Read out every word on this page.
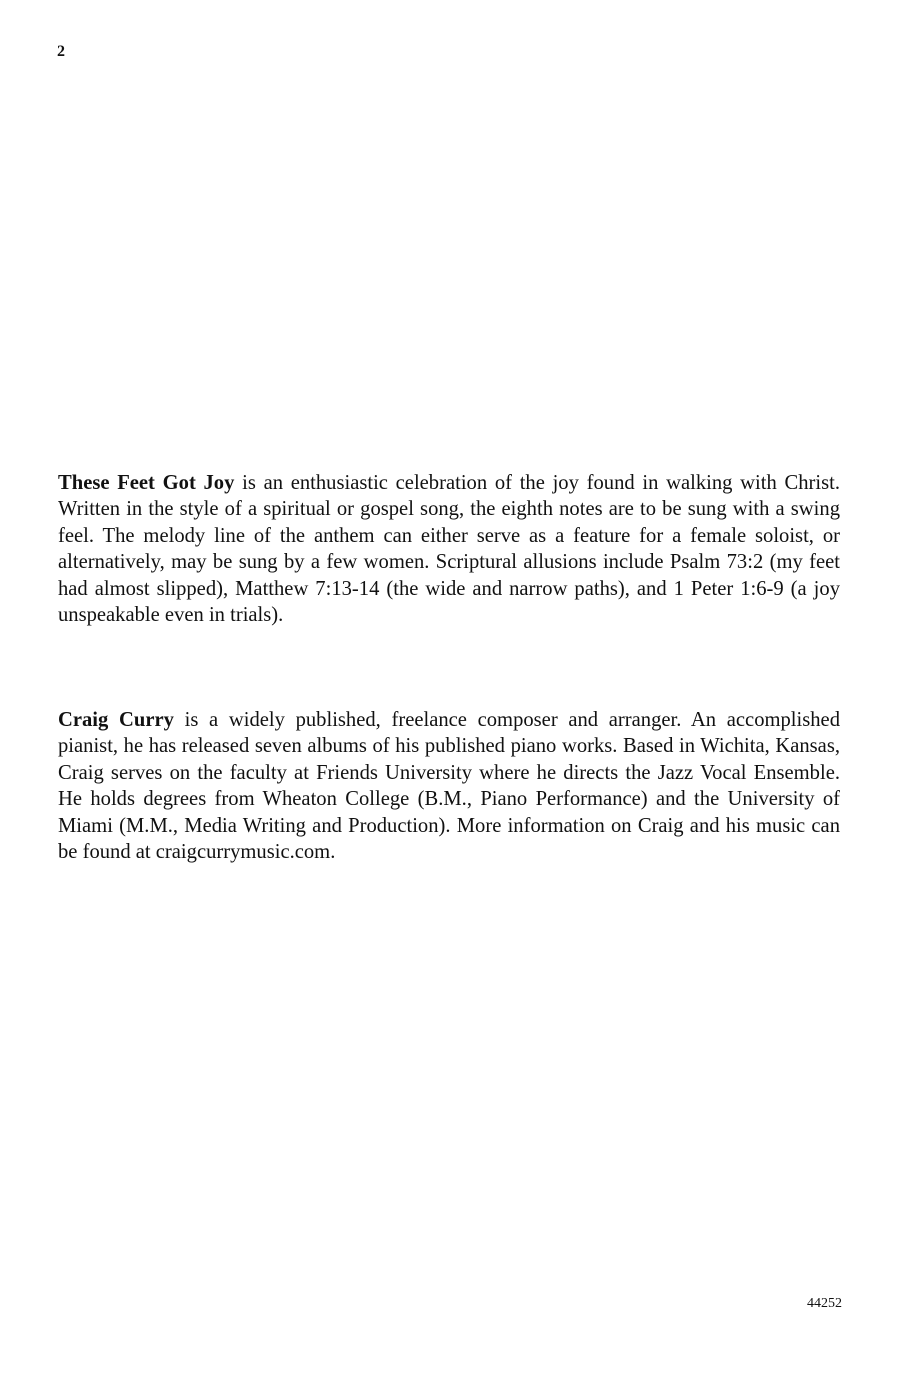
2

These Feet Got Joy is an enthusiastic celebration of the joy found in walking with Christ. Written in the style of a spiritual or gospel song, the eighth notes are to be sung with a swing feel. The melody line of the anthem can either serve as a feature for a female soloist, or alternatively, may be sung by a few women. Scriptural allusions include Psalm 73:2 (my feet had almost slipped), Matthew 7:13-14 (the wide and narrow paths), and 1 Peter 1:6-9 (a joy unspeakable even in trials).

Craig Curry is a widely published, freelance composer and arranger. An accomplished pianist, he has released seven albums of his published piano works. Based in Wichita, Kansas, Craig serves on the faculty at Friends University where he directs the Jazz Vocal Ensemble. He holds degrees from Wheaton College (B.M., Piano Performance) and the University of Miami (M.M., Media Writing and Production). More information on Craig and his music can be found at craigcurrymusic.com.

44252
